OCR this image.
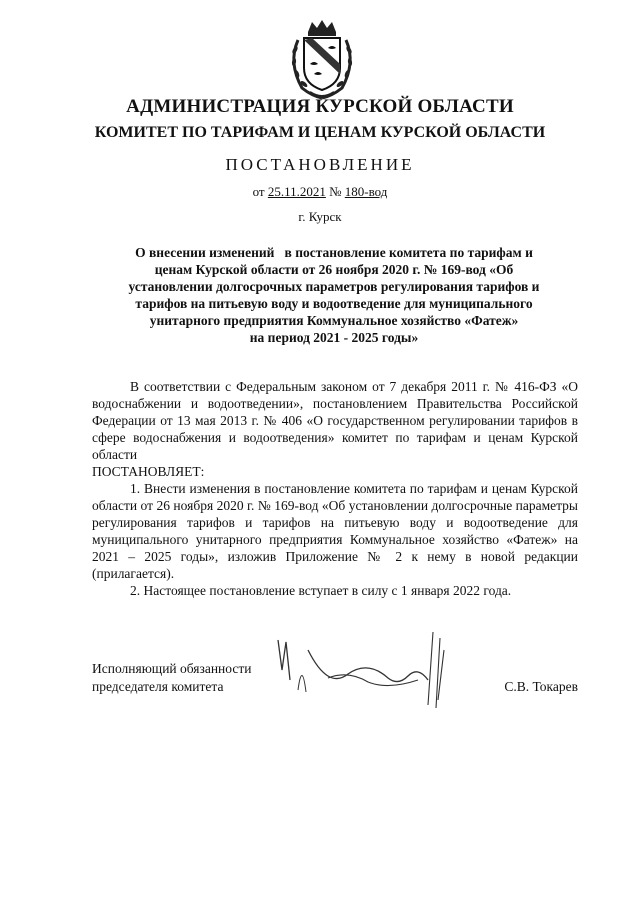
АДМИНИСТРАЦИЯ КУРСКОЙ ОБЛАСТИ
КОМИТЕТ ПО ТАРИФАМ И ЦЕНАМ КУРСКОЙ ОБЛАСТИ
ПОСТАНОВЛЕНИЕ
от 25.11.2021 № 180-вод
г. Курск
О внесении изменений   в постановление комитета по тарифам и
ценам Курской области от 26 ноября 2020 г. № 169-вод «Об
установлении долгосрочных параметров регулирования тарифов и
тарифов на питьевую воду и водоотведение для муниципального
унитарного предприятия Коммунальное хозяйство «Фатеж»
на период 2021 - 2025 годы»

В соответствии с Федеральным законом от 7 декабря 2011 г. № 416-ФЗ «О водоснабжении и водоотведении», постановлением Правительства Российской Федерации от 13 мая 2013 г. № 406 «О государственном регулировании тарифов в сфере водоснабжения и водоотведения» комитет по тарифам и ценам Курской области

ПОСТАНОВЛЯЕТ:

1. Внести изменения в постановление комитета по тарифам и ценам Курской области от 26 ноября 2020 г. № 169-вод «Об установлении долгосрочные параметры регулирования тарифов и тарифов на питьевую воду и водоотведение для муниципального унитарного предприятия Коммунальное хозяйство «Фатеж» на 2021 – 2025 годы», изложив Приложение № 2 к нему в новой редакции (прилагается).

2. Настоящее постановление вступает в силу с 1 января 2022 года.

Исполняющий обязанности
председателя комитета	С.В. Токарев
